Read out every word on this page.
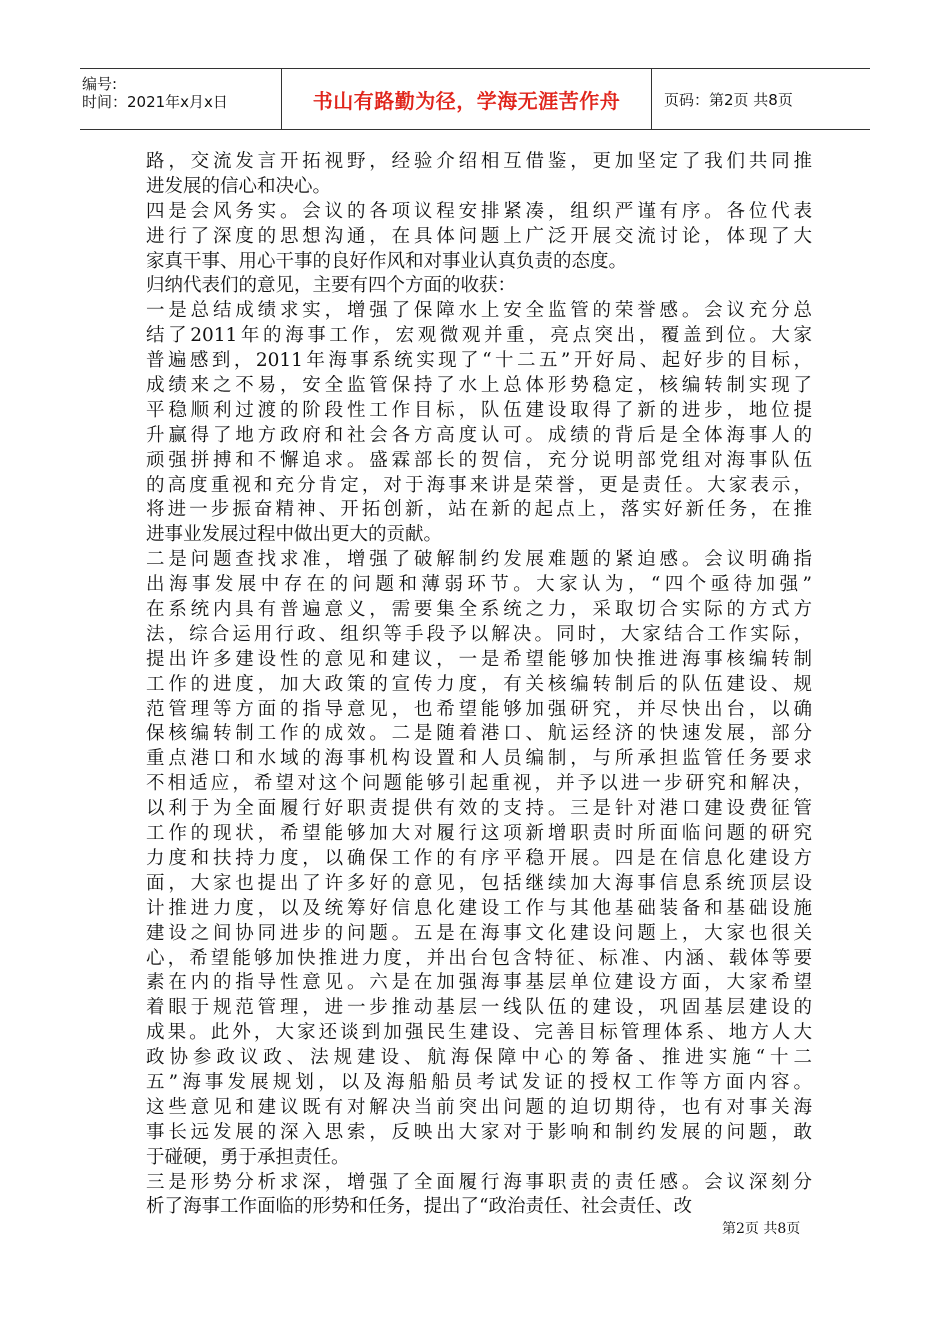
编号:
时间：2021年x月x日	书山有路勤为径，学海无涯苦作舟	页码：第2页 共8页
路，交流发言开拓视野，经验介绍相互借鉴，更加坚定了我们共同推
进发展的信心和决心。
四是会风务实。会议的各项议程安排紧凑，组织严谨有序。各位代表
进行了深度的思想沟通，在具体问题上广泛开展交流讨论，体现了大
家真干事、用心干事的良好作风和对事业认真负责的态度。
归纳代表们的意见，主要有四个方面的收获：
一是总结成绩求实，增强了保障水上安全监管的荣誉感。会议充分总
结了2011年的海事工作，宏观微观并重，亮点突出，覆盖到位。大家
普遍感到，2011年海事系统实现了“十二五”开好局、起好步的目标，
成绩来之不易，安全监管保持了水上总体形势稳定，核编转制实现了
平稳顺利过渡的阶段性工作目标，队伍建设取得了新的进步，地位提
升赢得了地方政府和社会各方高度认可。成绩的背后是全体海事人的
顽强拼搏和不懈追求。盛霖部长的贺信，充分说明部党组对海事队伍
的高度重视和充分肯定，对于海事来讲是荣誉，更是责任。大家表示，
将进一步振奋精神、开拓创新，站在新的起点上，落实好新任务，在推
进事业发展过程中做出更大的贡献。
二是问题查找求准，增强了破解制约发展难题的紧迫感。会议明确指
出海事发展中存在的问题和薄弱环节。大家认为，“四个亟待加强”
在系统内具有普遍意义，需要集全系统之力，采取切合实际的方式方
法，综合运用行政、组织等手段予以解决。同时，大家结合工作实际，
提出许多建设性的意见和建议，一是希望能够加快推进海事核编转制
工作的进度，加大政策的宣传力度，有关核编转制后的队伍建设、规
范管理等方面的指导意见，也希望能够加强研究，并尽快出台，以确
保核编转制工作的成效。二是随着港口、航运经济的快速发展，部分
重点港口和水域的海事机构设置和人员编制，与所承担监管任务要求
不相适应，希望对这个问题能够引起重视，并予以进一步研究和解决，
以利于为全面履行好职责提供有效的支持。三是针对港口建设费征管
工作的现状，希望能够加大对履行这项新增职责时所面临问题的研究
力度和扶持力度，以确保工作的有序平稳开展。四是在信息化建设方
面，大家也提出了许多好的意见，包括继续加大海事信息系统顶层设
计推进力度，以及统筹好信息化建设工作与其他基础装备和基础设施
建设之间协同进步的问题。五是在海事文化建设问题上，大家也很关
心，希望能够加快推进力度，并出台包含特征、标准、内涵、载体等要
素在内的指导性意见。六是在加强海事基层单位建设方面，大家希望
着眼于规范管理，进一步推动基层一线队伍的建设，巩固基层建设的
成果。此外，大家还谈到加强民生建设、完善目标管理体系、地方人大
政协参政议政、法规建设、航海保障中心的筹备、推进实施“十二
五”海事发展规划，以及海船船员考试发证的授权工作等方面内容。
这些意见和建议既有对解决当前突出问题的迫切期待，也有对事关海
事长远发展的深入思索，反映出大家对于影响和制约发展的问题，敢
于碰硬，勇于承担责任。
三是形势分析求深，增强了全面履行海事职责的责任感。会议深刻分
析了海事工作面临的形势和任务，提出了“政治责任、社会责任、改
第2页 共8页
